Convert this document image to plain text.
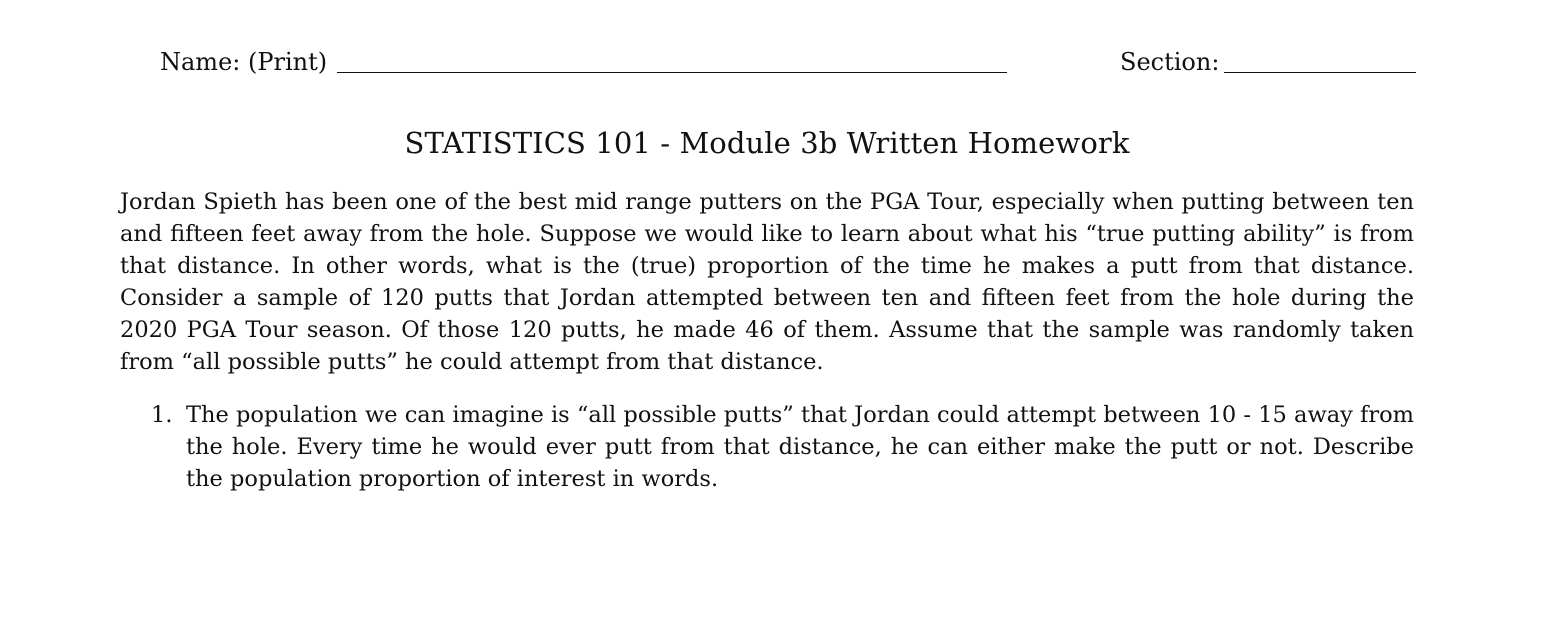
Name: (Print)	Section:
STATISTICS 101 - Module 3b Written Homework

Jordan Spieth has been one of the best mid range putters on the PGA Tour, especially when putting between ten and fifteen feet away from the hole. Suppose we would like to learn about what his “true putting ability” is from that distance. In other words, what is the (true) proportion of the time he makes a putt from that distance. Consider a sample of 120 putts that Jordan attempted between ten and fifteen feet from the hole during the 2020 PGA Tour season. Of those 120 putts, he made 46 of them. Assume that the sample was randomly taken from “all possible putts” he could attempt from that distance.

1. The population we can imagine is “all possible putts” that Jordan could attempt between 10 - 15 away from the hole. Every time he would ever putt from that distance, he can either make the putt or not. Describe the population proportion of interest in words.
